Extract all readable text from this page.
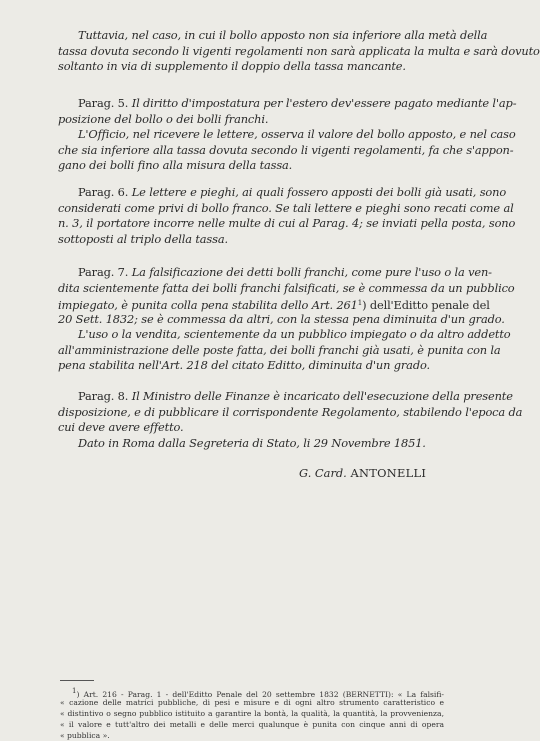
Tuttavia, nel caso, in cui il bollo apposto non sia inferiore alla metà della
tassa dovuta secondo li vigenti regolamenti non sarà applicata la multa e sarà dovuto
soltanto in via di supplemento il doppio della tassa mancante.
Parag. 5. Il diritto d'impostatura per l'estero dev'essere pagato mediante l'ap-
posizione del bollo o dei bolli franchi.
L'Officio, nel ricevere le lettere, osserva il valore del bollo apposto, e nel caso
che sia inferiore alla tassa dovuta secondo li vigenti regolamenti, fa che s'appon-
gano dei bolli fino alla misura della tassa.
Parag. 6. Le lettere e pieghi, ai quali fossero apposti dei bolli già usati, sono
considerati come privi di bollo franco. Se tali lettere e pieghi sono recati come al
n. 3, il portatore incorre nelle multe di cui al Parag. 4; se inviati pella posta, sono
sottoposti al triplo della tassa.
Parag. 7. La falsificazione dei detti bolli franchi, come pure l'uso o la ven-
dita scientemente fatta dei bolli franchi falsificati, se è commessa da un pubblico
impiegato, è punita colla pena stabilita dello Art. $261^1$) dell'Editto penale del
20 Sett. 1832; se è commessa da altri, con la stessa pena diminuita d'un grado.
L'uso o la vendita, scientemente da un pubblico impiegato o da altro addetto
all'amministrazione delle poste fatta, dei bolli franchi già usati, è punita con la
pena stabilita nell'Art. 218 del citato Editto, diminuita d'un grado.
Parag. 8. Il Ministro delle Finanze è incaricato dell'esecuzione della presente
disposizione, e di pubblicare il corrispondente Regolamento, stabilendo l'epoca da
cui deve avere effetto.
Dato in Roma dalla Segreteria di Stato, li 29 Novembre 1851.
G. Card. ANTONELLI
1) Art. 216 - Parag. 1 - dell'Editto Penale del 20 settembre 1832 (BERNETTI): « La falsifi-
« cazione delle matrici pubbliche, di pesi e misure e di ogni altro strumento caratteristico e
« distintivo o segno pubblico istituito a garantire la bontà, la qualità, la quantità, la provvenienza,
« il valore e tutt'altro dei metalli e delle merci qualunque è punita con cinque anni di opera
« pubblica ».
